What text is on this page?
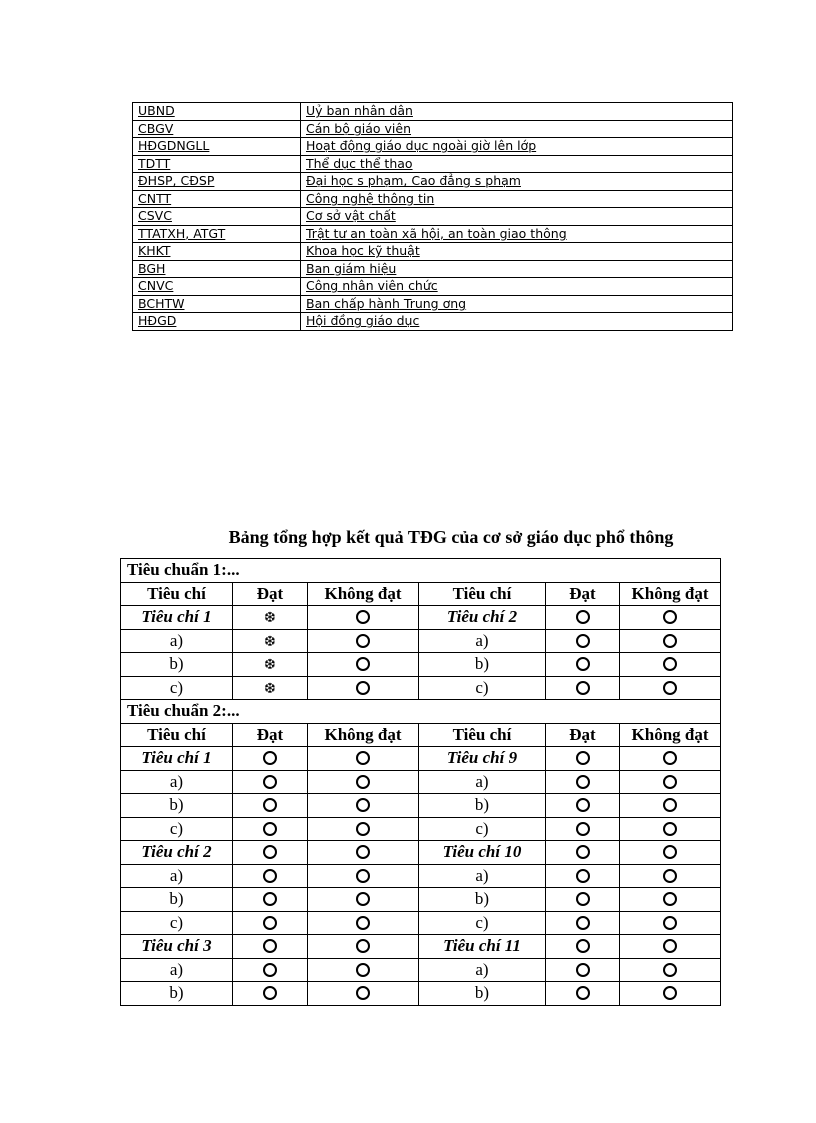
UBND	Uỷ ban nhân dân
CBGV	Cán bộ giáo viên
HĐGDNGLL	Hoạt động giáo dục ngoài giờ lên lớp
TDTT	Thể dục thể thao
ĐHSP, CĐSP	Đại học s phạm, Cao đẳng s phạm
CNTT	Công nghệ thông tin
CSVC	Cơ sở vật chất
TTATXH, ATGT	Trật tư an toàn xã hội, an toàn giao thông
KHKT	Khoa học kỹ thuật
BGH	Ban giám hiệu
CNVC	Công nhân viên chức
BCHTW	Ban chấp hành Trung ơng
HĐGD	Hội đồng giáo dục
Bảng tổng hợp kết quả TĐG của cơ sở giáo dục phổ thông
Tiêu chuẩn 1:...					
Tiêu chí	Đạt	Không đạt	Tiêu chí	Đạt	Không đạt
Tiêu chí 1	❆		Tiêu chí 2		
a)	❆		a)		
b)	❆		b)		
c)	❆		c)		
Tiêu chuẩn 2:...					
Tiêu chí	Đạt	Không đạt	Tiêu chí	Đạt	Không đạt
Tiêu chí 1			Tiêu chí 9		
a)			a)		
b)			b)		
c)			c)		
Tiêu chí 2			Tiêu chí 10		
a)			a)		
b)			b)		
c)			c)		
Tiêu chí 3			Tiêu chí 11		
a)			a)		
b)			b)		
